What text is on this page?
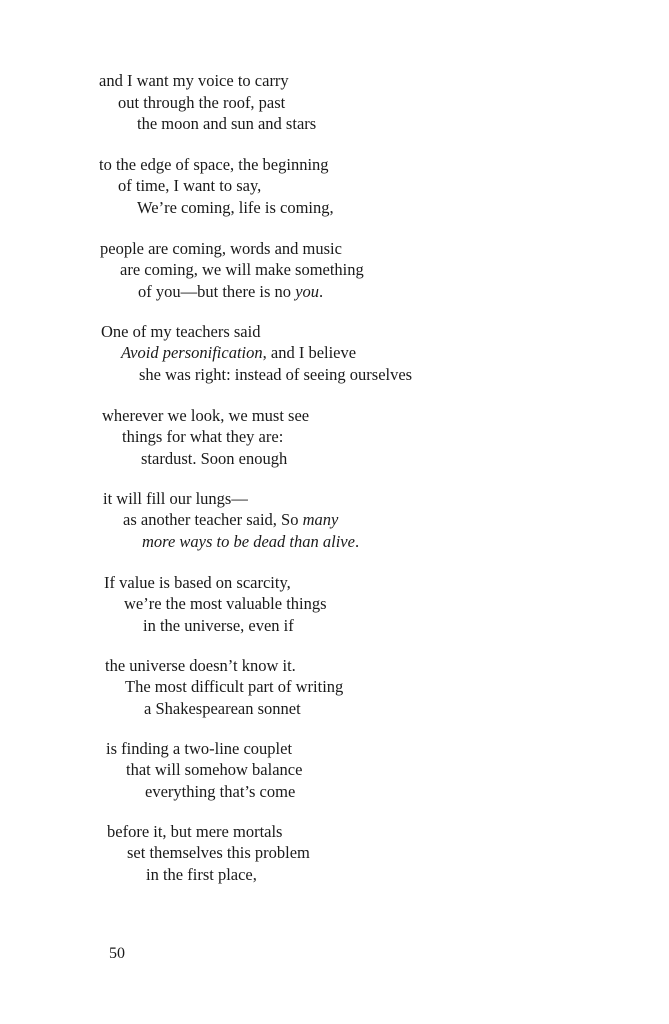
and I want my voice to carry

out through the roof, past

the moon and sun and stars

to the edge of space, the beginning

of time, I want to say,

We’re coming, life is coming,

people are coming, words and music

are coming, we will make something

of you—but there is no you.

One of my teachers said

Avoid personification, and I believe

she was right: instead of seeing ourselves

wherever we look, we must see

things for what they are:

stardust. Soon enough

it will fill our lungs—

as another teacher said, So many

more ways to be dead than alive.

If value is based on scarcity,

we’re the most valuable things

in the universe, even if

the universe doesn’t know it.

The most difficult part of writing

a Shakespearean sonnet

is finding a two-line couplet

that will somehow balance

everything that’s come

before it, but mere mortals

set themselves this problem

in the first place,

50
